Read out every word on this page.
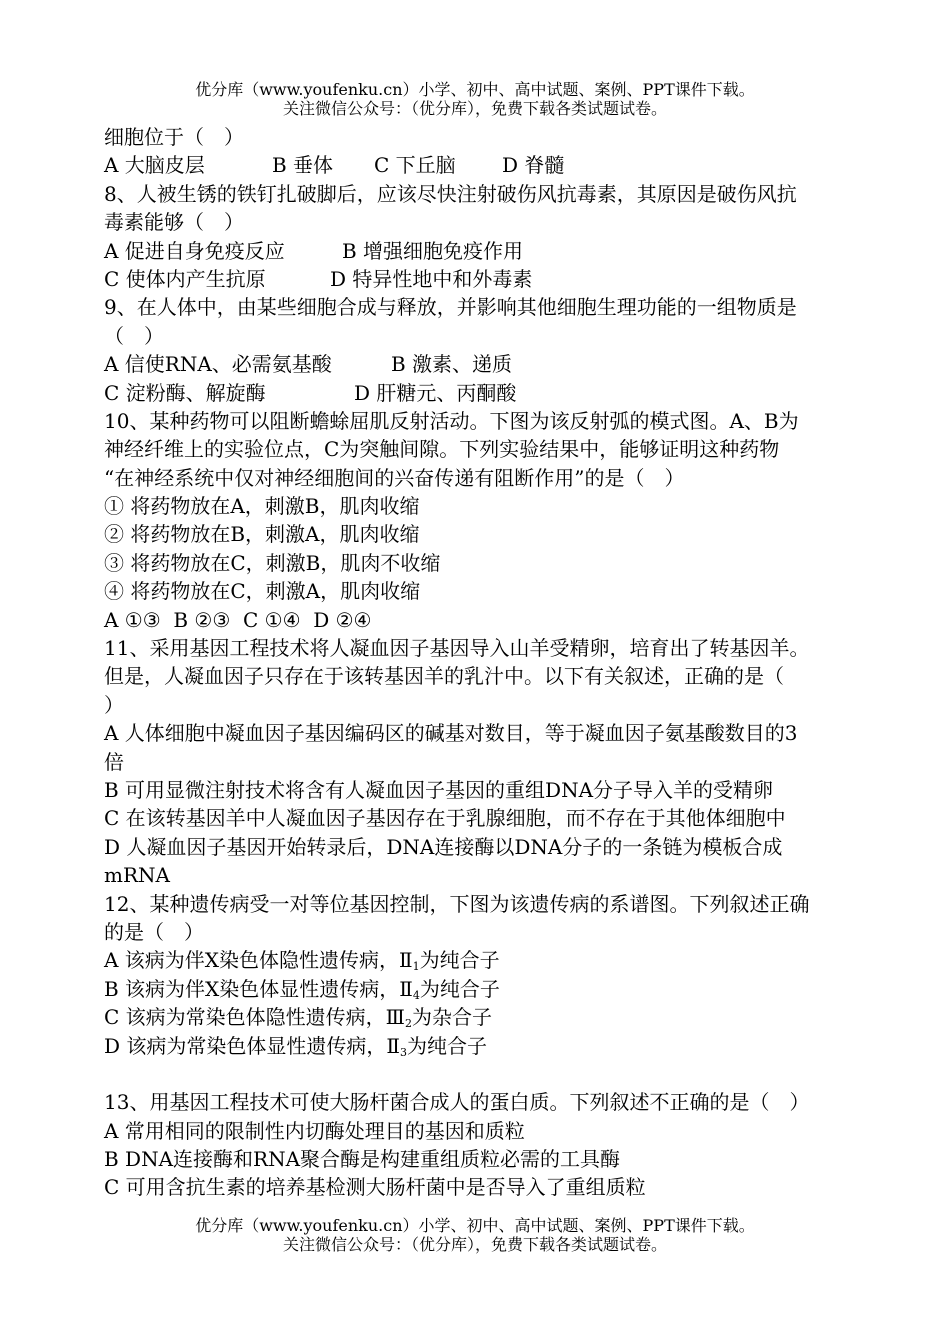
优分库（www.youfenku.cn）小学、初中、高中试题、案例、PPT课件下载。
关注微信公众号：（优分库），免费下载各类试题试卷。
细胞位于（　）
A 大脑皮层	B 垂体 C 下丘脑 D 脊髓
8、人被生锈的铁钉扎破脚后，应该尽快注射破伤风抗毒素，其原因是破伤风抗
毒素能够（　）
A 促进自身免疫反应	B 增强细胞免疫作用
C 使体内产生抗原	D 特异性地中和外毒素
9、在人体中，由某些细胞合成与释放，并影响其他细胞生理功能的一组物质是
（　）
A 信使RNA、必需氨基酸	B 激素、递质
C 淀粉酶、解旋酶	D 肝糖元、丙酮酸
10、某种药物可以阻断蟾蜍屈肌反射活动。下图为该反射弧的模式图。A、B为
神经纤维上的实验位点，C为突触间隙。下列实验结果中，能够证明这种药物
“在神经系统中仅对神经细胞间的兴奋传递有阻断作用”的是（　）
① 将药物放在A，刺激B，肌肉收缩
② 将药物放在B，刺激A，肌肉收缩
③ 将药物放在C，刺激B，肌肉不收缩
④ 将药物放在C，刺激A，肌肉收缩
A ①③  B ②③  C ①④  D ②④
11、采用基因工程技术将人凝血因子基因导入山羊受精卵，培育出了转基因羊。
但是，人凝血因子只存在于该转基因羊的乳汁中。以下有关叙述，正确的是（
）
A 人体细胞中凝血因子基因编码区的碱基对数目，等于凝血因子氨基酸数目的3
倍
B 可用显微注射技术将含有人凝血因子基因的重组DNA分子导入羊的受精卵
C 在该转基因羊中人凝血因子基因存在于乳腺细胞，而不存在于其他体细胞中
D 人凝血因子基因开始转录后，DNA连接酶以DNA分子的一条链为模板合成
mRNA
12、某种遗传病受一对等位基因控制，下图为该遗传病的系谱图。下列叙述正确
的是（　）
A 该病为伴X染色体隐性遗传病，$Ⅱ_1$为纯合子
B 该病为伴X染色体显性遗传病，$Ⅱ_4$为纯合子
C 该病为常染色体隐性遗传病，$Ⅲ_2$为杂合子
D 该病为常染色体显性遗传病，$Ⅱ_3$为纯合子
13、用基因工程技术可使大肠杆菌合成人的蛋白质。下列叙述不正确的是（　）
A 常用相同的限制性内切酶处理目的基因和质粒
B DNA连接酶和RNA聚合酶是构建重组质粒必需的工具酶
C 可用含抗生素的培养基检测大肠杆菌中是否导入了重组质粒
优分库（www.youfenku.cn）小学、初中、高中试题、案例、PPT课件下载。
关注微信公众号：（优分库），免费下载各类试题试卷。
